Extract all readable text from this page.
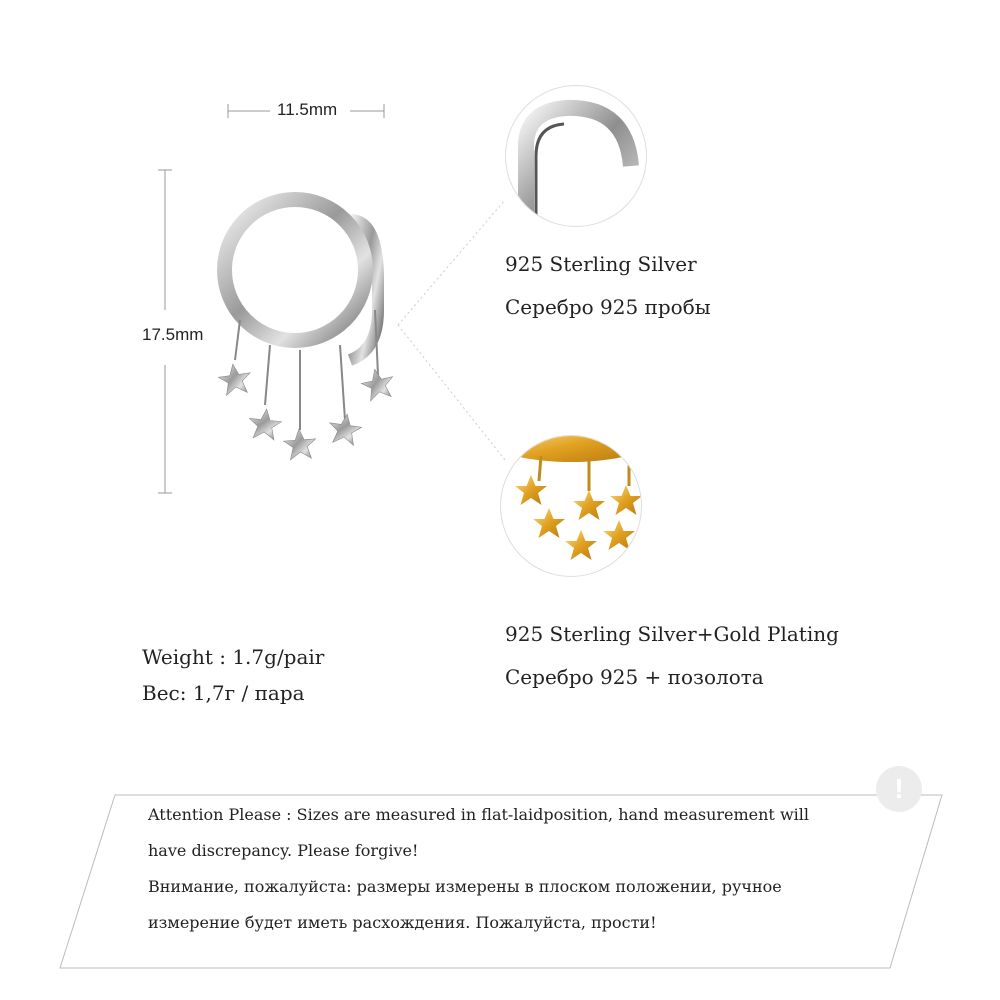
11.5mm
17.5mm
925 Sterling Silver
Серебро 925 пробы
925 Sterling Silver+Gold Plating
Серебро 925 + позолота
Weight : 1.7g/pair
Вес: 1,7г / пара
!
Attention Please : Sizes are measured in flat-laidposition, hand measurement will
have discrepancy. Please forgive!
Внимание, пожалуйста: размеры измерены в плоском положении, ручное
измерение будет иметь расхождения. Пожалуйста, прости!
